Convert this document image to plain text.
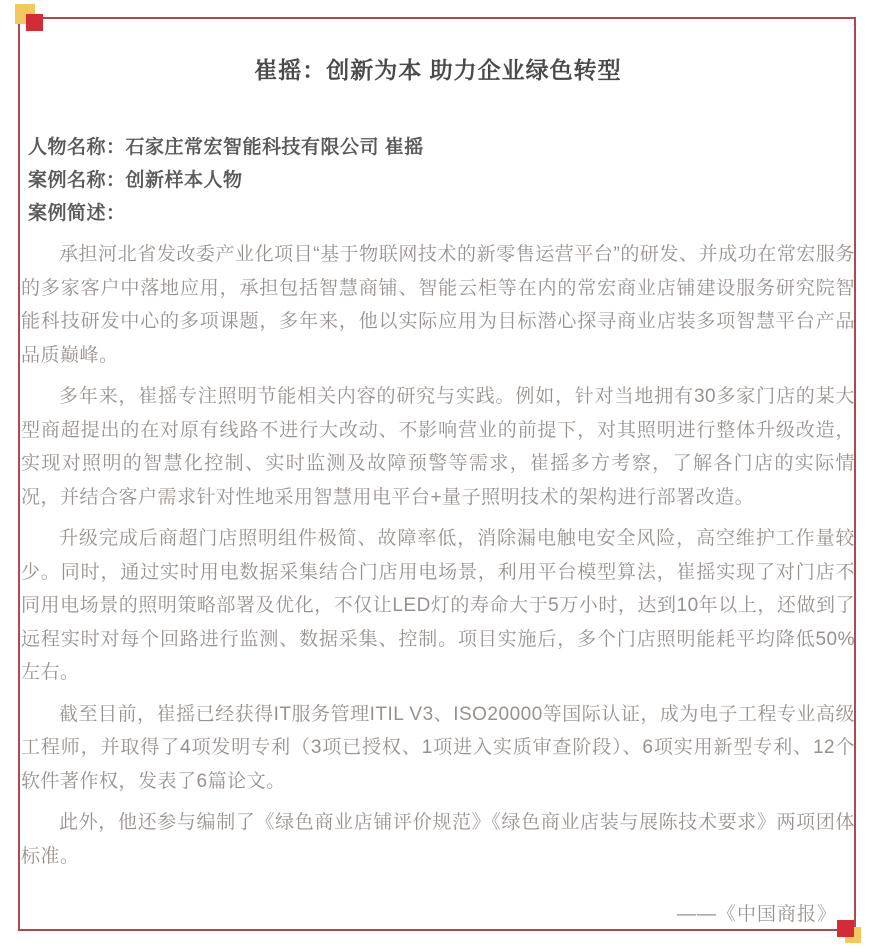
崔摇：创新为本 助力企业绿色转型
人物名称：石家庄常宏智能科技有限公司 崔摇
案例名称：创新样本人物
案例简述：

承担河北省发改委产业化项目“基于物联网技术的新零售运营平台”的研发、并成功在常宏服务的多家客户中落地应用，承担包括智慧商铺、智能云柜等在内的常宏商业店铺建设服务研究院智能科技研发中心的多项课题，多年来，他以实际应用为目标潜心探寻商业店装多项智慧平台产品品质巅峰。

多年来，崔摇专注照明节能相关内容的研究与实践。例如，针对当地拥有30多家门店的某大型商超提出的在对原有线路不进行大改动、不影响营业的前提下，对其照明进行整体升级改造，实现对照明的智慧化控制、实时监测及故障预警等需求，崔摇多方考察，了解各门店的实际情况，并结合客户需求针对性地采用智慧用电平台+量子照明技术的架构进行部署改造。

升级完成后商超门店照明组件极简、故障率低，消除漏电触电安全风险，高空维护工作量较少。同时，通过实时用电数据采集结合门店用电场景，利用平台模型算法，崔摇实现了对门店不同用电场景的照明策略部署及优化，不仅让LED灯的寿命大于5万小时，达到10年以上，还做到了远程实时对每个回路进行监测、数据采集、控制。项目实施后，多个门店照明能耗平均降低50%左右。

截至目前，崔摇已经获得IT服务管理ITIL V3、ISO20000等国际认证，成为电子工程专业高级工程师，并取得了4项发明专利（3项已授权、1项进入实质审查阶段）、6项实用新型专利、12个软件著作权，发表了6篇论文。

此外，他还参与编制了《绿色商业店铺评价规范》《绿色商业店装与展陈技术要求》两项团体标准。

——《中国商报》
